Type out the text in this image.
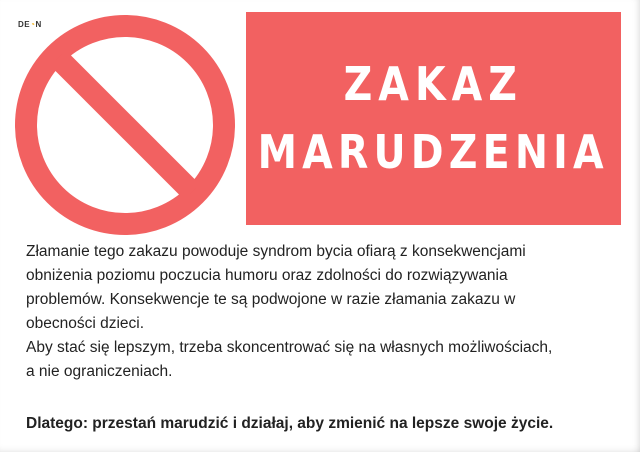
DE◔N
ZAKAZ
MARUDZENIA

Złamanie tego zakazu powoduje syndrom bycia ofiarą z konsekwencjami

obniżenia poziomu poczucia humoru oraz zdolności do rozwiązywania

problemów. Konsekwencje te są podwojone w razie złamania zakazu w

obecności dzieci.

Aby stać się lepszym, trzeba skoncentrować się na własnych możliwościach,

a nie ograniczeniach.

Dlatego: przestań marudzić i działaj, aby zmienić na lepsze swoje życie.
